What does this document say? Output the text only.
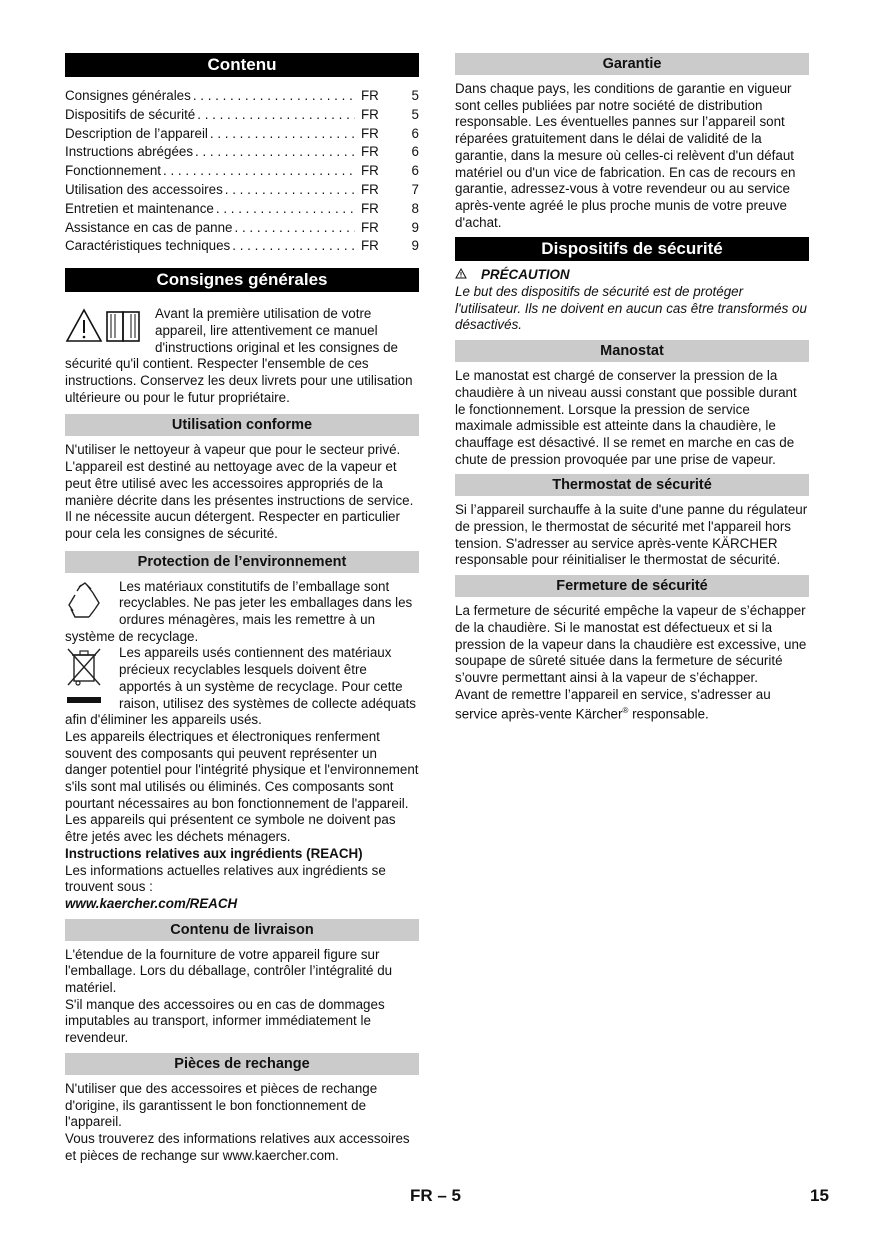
Contenu
Consignes générales . . .	FR	5
Dispositifs de sécurité . . .	FR	5
Description de l’appareil . . .	FR	6
Instructions abrégées . . .	FR	6
Fonctionnement . . .	FR	6
Utilisation des accessoires . . .	FR	7
Entretien et maintenance . . .	FR	8
Assistance en cas de panne . . .	FR	9
Caractéristiques techniques . . .	FR	9
Consignes générales

Avant la première utilisation de votre appareil, lire attentivement ce manuel d'instructions original et les consignes de sécurité qu'il contient. Respecter l'ensemble de ces instructions. Conservez les deux livrets pour une utilisation ultérieure ou pour le futur propriétaire.

Utilisation conforme

N'utiliser le nettoyeur à vapeur que pour le secteur privé.

L'appareil est destiné au nettoyage avec de la vapeur et peut être utilisé avec les accessoires appropriés de la manière décrite dans les présentes instructions de service. Il ne nécessite aucun détergent. Respecter en particulier pour cela les consignes de sécurité.

Protection de l’environnement

Les matériaux constitutifs de l’emballage sont recyclables. Ne pas jeter les emballages dans les ordures ménagères, mais les remettre à un système de recyclage.

Les appareils usés contiennent des matériaux précieux recyclables lesquels doivent être apportés à un système de recyclage. Pour cette raison, utilisez des systèmes de collecte adéquats afin d'éliminer les appareils usés.

Les appareils électriques et électroniques renferment souvent des composants qui peuvent représenter un danger potentiel pour l'intégrité physique et l'environnement s'ils sont mal utilisés ou éliminés. Ces composants sont pourtant nécessaires au bon fonctionnement de l'appareil. Les appareils qui présentent ce symbole ne doivent pas être jetés avec les déchets ménagers.

Instructions relatives aux ingrédients (REACH)

Les informations actuelles relatives aux ingrédients se trouvent sous :

www.kaercher.com/REACH

Contenu de livraison

L'étendue de la fourniture de votre appareil figure sur l'emballage. Lors du déballage, contrôler l’intégralité du matériel.

S'il manque des accessoires ou en cas de dommages imputables au transport, informer immédiatement le revendeur.

Pièces de rechange

N'utiliser que des accessoires et pièces de rechange d'origine, ils garantissent le bon fonctionnement de l'appareil.

Vous trouverez des informations relatives aux accessoires et pièces de rechange sur www.kaercher.com.

Garantie

Dans chaque pays, les conditions de garantie en vigueur sont celles publiées par notre société de distribution responsable. Les éventuelles pannes sur l’appareil sont réparées gratuitement dans le délai de validité de la garantie, dans la mesure où celles-ci relèvent d'un défaut matériel ou d'un vice de fabrication. En cas de recours en garantie, adressez-vous à votre revendeur ou au service après-vente agréé le plus proche munis de votre preuve d'achat.

Dispositifs de sécurité
PRÉCAUTION

Le but des dispositifs de sécurité est de protéger l'utilisateur. Ils ne doivent en aucun cas être transformés ou désactivés.

Manostat

Le manostat est chargé de conserver la pression de la chaudière à un niveau aussi constant que possible durant le fonctionnement. Lorsque la pression de service maximale admissible est atteinte dans la chaudière, le chauffage est désactivé. Il se remet en marche en cas de chute de pression provoquée par une prise de vapeur.

Thermostat de sécurité

Si l’appareil surchauffe à la suite d'une panne du régulateur de pression, le thermostat de sécurité met l'appareil hors tension. S'adresser au service après-vente KÄRCHER responsable pour réinitialiser le thermostat de sécurité.

Fermeture de sécurité

La fermeture de sécurité empêche la vapeur de s’échapper de la chaudière. Si le manostat est défectueux et si la pression de la vapeur dans la chaudière est excessive, une soupape de sûreté située dans la fermeture de sécurité s’ouvre permettant ainsi à la vapeur de s’échapper.

Avant de remettre l’appareil en service, s'adresser au service après-vente Kärcher® responsable.

FR – 5	15
